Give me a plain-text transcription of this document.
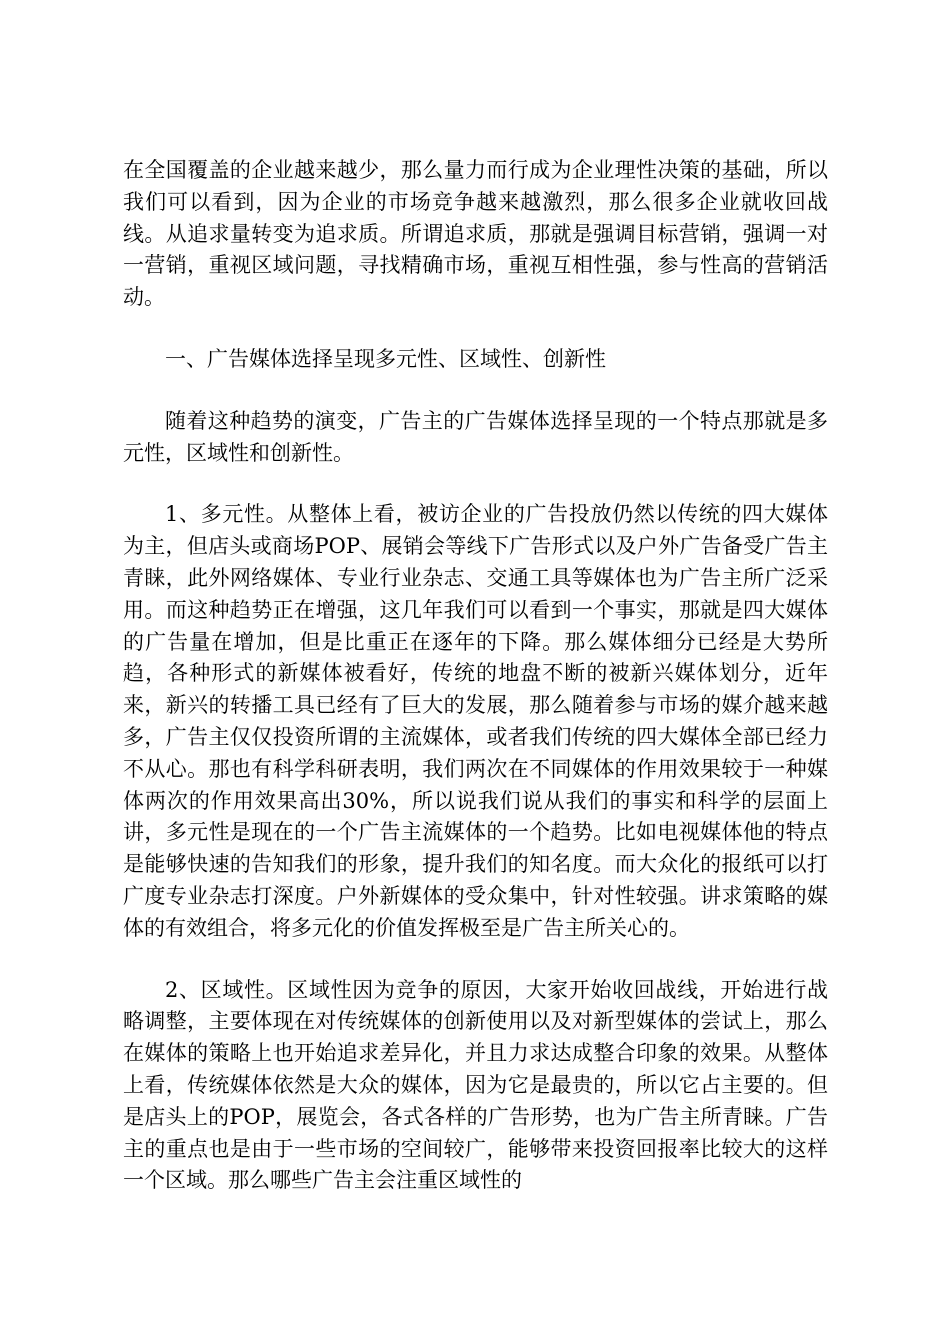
在全国覆盖的企业越来越少，那么量力而行成为企业理性决策的基础，所以我们可以看到，因为企业的市场竞争越来越激烈，那么很多企业就收回战线。从追求量转变为追求质。所谓追求质，那就是强调目标营销，强调一对一营销，重视区域问题，寻找精确市场，重视互相性强，参与性高的营销活动。

一、广告媒体选择呈现多元性、区域性、创新性

随着这种趋势的演变，广告主的广告媒体选择呈现的一个特点那就是多元性，区域性和创新性。

1、多元性。从整体上看，被访企业的广告投放仍然以传统的四大媒体为主，但店头或商场POP、展销会等线下广告形式以及户外广告备受广告主青睐，此外网络媒体、专业行业杂志、交通工具等媒体也为广告主所广泛采用。而这种趋势正在增强，这几年我们可以看到一个事实，那就是四大媒体的广告量在增加，但是比重正在逐年的下降。那么媒体细分已经是大势所趋，各种形式的新媒体被看好，传统的地盘不断的被新兴媒体划分，近年来，新兴的转播工具已经有了巨大的发展，那么随着参与市场的媒介越来越多，广告主仅仅投资所谓的主流媒体，或者我们传统的四大媒体全部已经力不从心。那也有科学科研表明，我们两次在不同媒体的作用效果较于一种媒体两次的作用效果高出30%，所以说我们说从我们的事实和科学的层面上讲，多元性是现在的一个广告主流媒体的一个趋势。比如电视媒体他的特点是能够快速的告知我们的形象，提升我们的知名度。而大众化的报纸可以打广度专业杂志打深度。户外新媒体的受众集中，针对性较强。讲求策略的媒体的有效组合，将多元化的价值发挥极至是广告主所关心的。

2、区域性。区域性因为竞争的原因，大家开始收回战线，开始进行战略调整，主要体现在对传统媒体的创新使用以及对新型媒体的尝试上，那么在媒体的策略上也开始追求差异化，并且力求达成整合印象的效果。从整体上看，传统媒体依然是大众的媒体，因为它是最贵的，所以它占主要的。但是店头上的POP，展览会，各式各样的广告形势，也为广告主所青睐。广告主的重点也是由于一些市场的空间较广，能够带来投资回报率比较大的这样一个区域。那么哪些广告主会注重区域性的
